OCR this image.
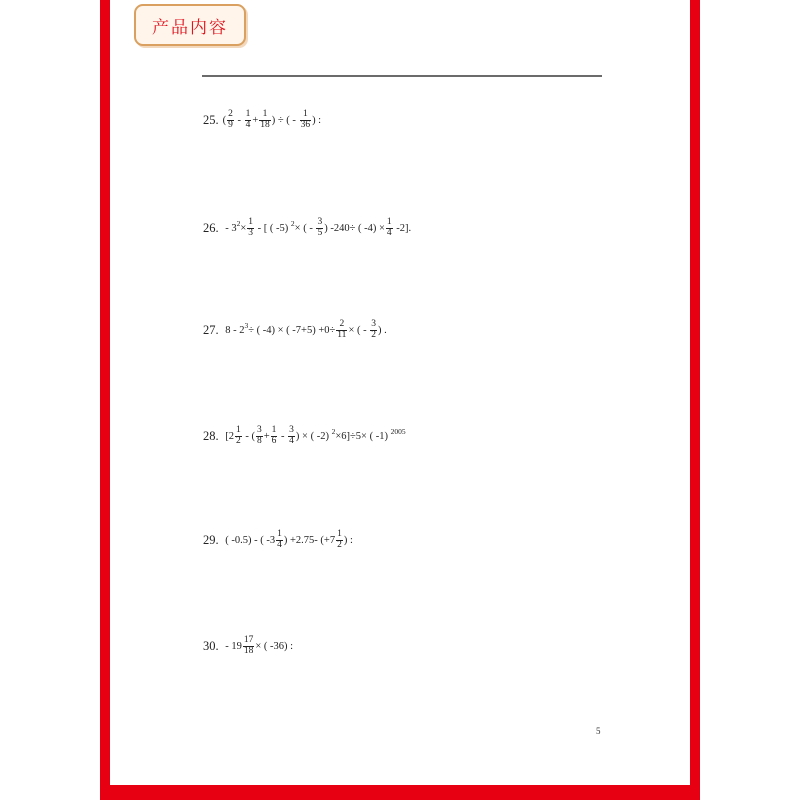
产品内容
25. ( $\frac{2}{9} - \frac{1}{4} + \frac{1}{18}$ ) ÷ ( - $\frac{1}{36}$ ) :
26. - $3^2 \times \frac{1}{3}$ - [ ( -5) $^2$ × ( - $\frac{3}{5}$ ) -240÷ ( $-4) \times \frac{1}{4} -2$].
27. $8 - 2^3$ ÷ ( -4) × ( $-7+5) +0\div \frac{2}{11}$ × ( - $\frac{3}{2}$ ) .
28. [$2 \frac{1}{2}$ - ( $\frac{3}{8} + \frac{1}{6} - \frac{3}{4}$ ) × ( -2) $^2$ ×6]÷5× ( -1) $^{2005}$
29. ( -0.5) - ( $-3 \frac{1}{4}$ ) +2.75- ($+7 \frac{1}{2}$ ) :
30. - $19 \frac{17}{18}$ × ( -36) :
5
